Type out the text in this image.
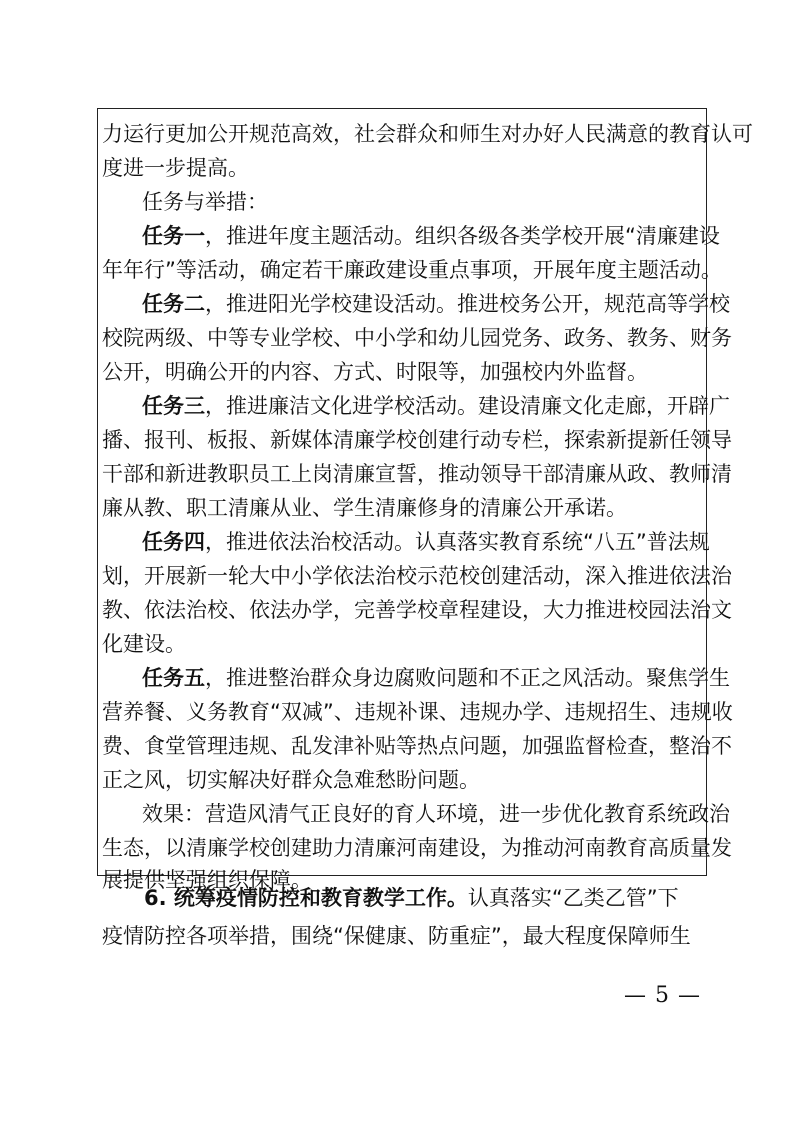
力运行更加公开规范高效，社会群众和师生对办好人民满意的教育认可
度进一步提高。
任务与举措：
任务一，推进年度主题活动。组织各级各类学校开展“清廉建设
年年行”等活动，确定若干廉政建设重点事项，开展年度主题活动。
任务二，推进阳光学校建设活动。推进校务公开，规范高等学校
校院两级、中等专业学校、中小学和幼儿园党务、政务、教务、财务
公开，明确公开的内容、方式、时限等，加强校内外监督。
任务三，推进廉洁文化进学校活动。建设清廉文化走廊，开辟广
播、报刊、板报、新媒体清廉学校创建行动专栏，探索新提新任领导
干部和新进教职员工上岗清廉宣誓，推动领导干部清廉从政、教师清
廉从教、职工清廉从业、学生清廉修身的清廉公开承诺。
任务四，推进依法治校活动。认真落实教育系统“八五”普法规
划，开展新一轮大中小学依法治校示范校创建活动，深入推进依法治
教、依法治校、依法办学，完善学校章程建设，大力推进校园法治文
化建设。
任务五，推进整治群众身边腐败问题和不正之风活动。聚焦学生
营养餐、义务教育“双减”、违规补课、违规办学、违规招生、违规收
费、食堂管理违规、乱发津补贴等热点问题，加强监督检查，整治不
正之风，切实解决好群众急难愁盼问题。
效果：营造风清气正良好的育人环境，进一步优化教育系统政治
生态，以清廉学校创建助力清廉河南建设，为推动河南教育高质量发
展提供坚强组织保障。
6. 统筹疫情防控和教育教学工作。认真落实“乙类乙管”下
疫情防控各项举措，围绕“保健康、防重症”，最大程度保障师生
— 5 —
